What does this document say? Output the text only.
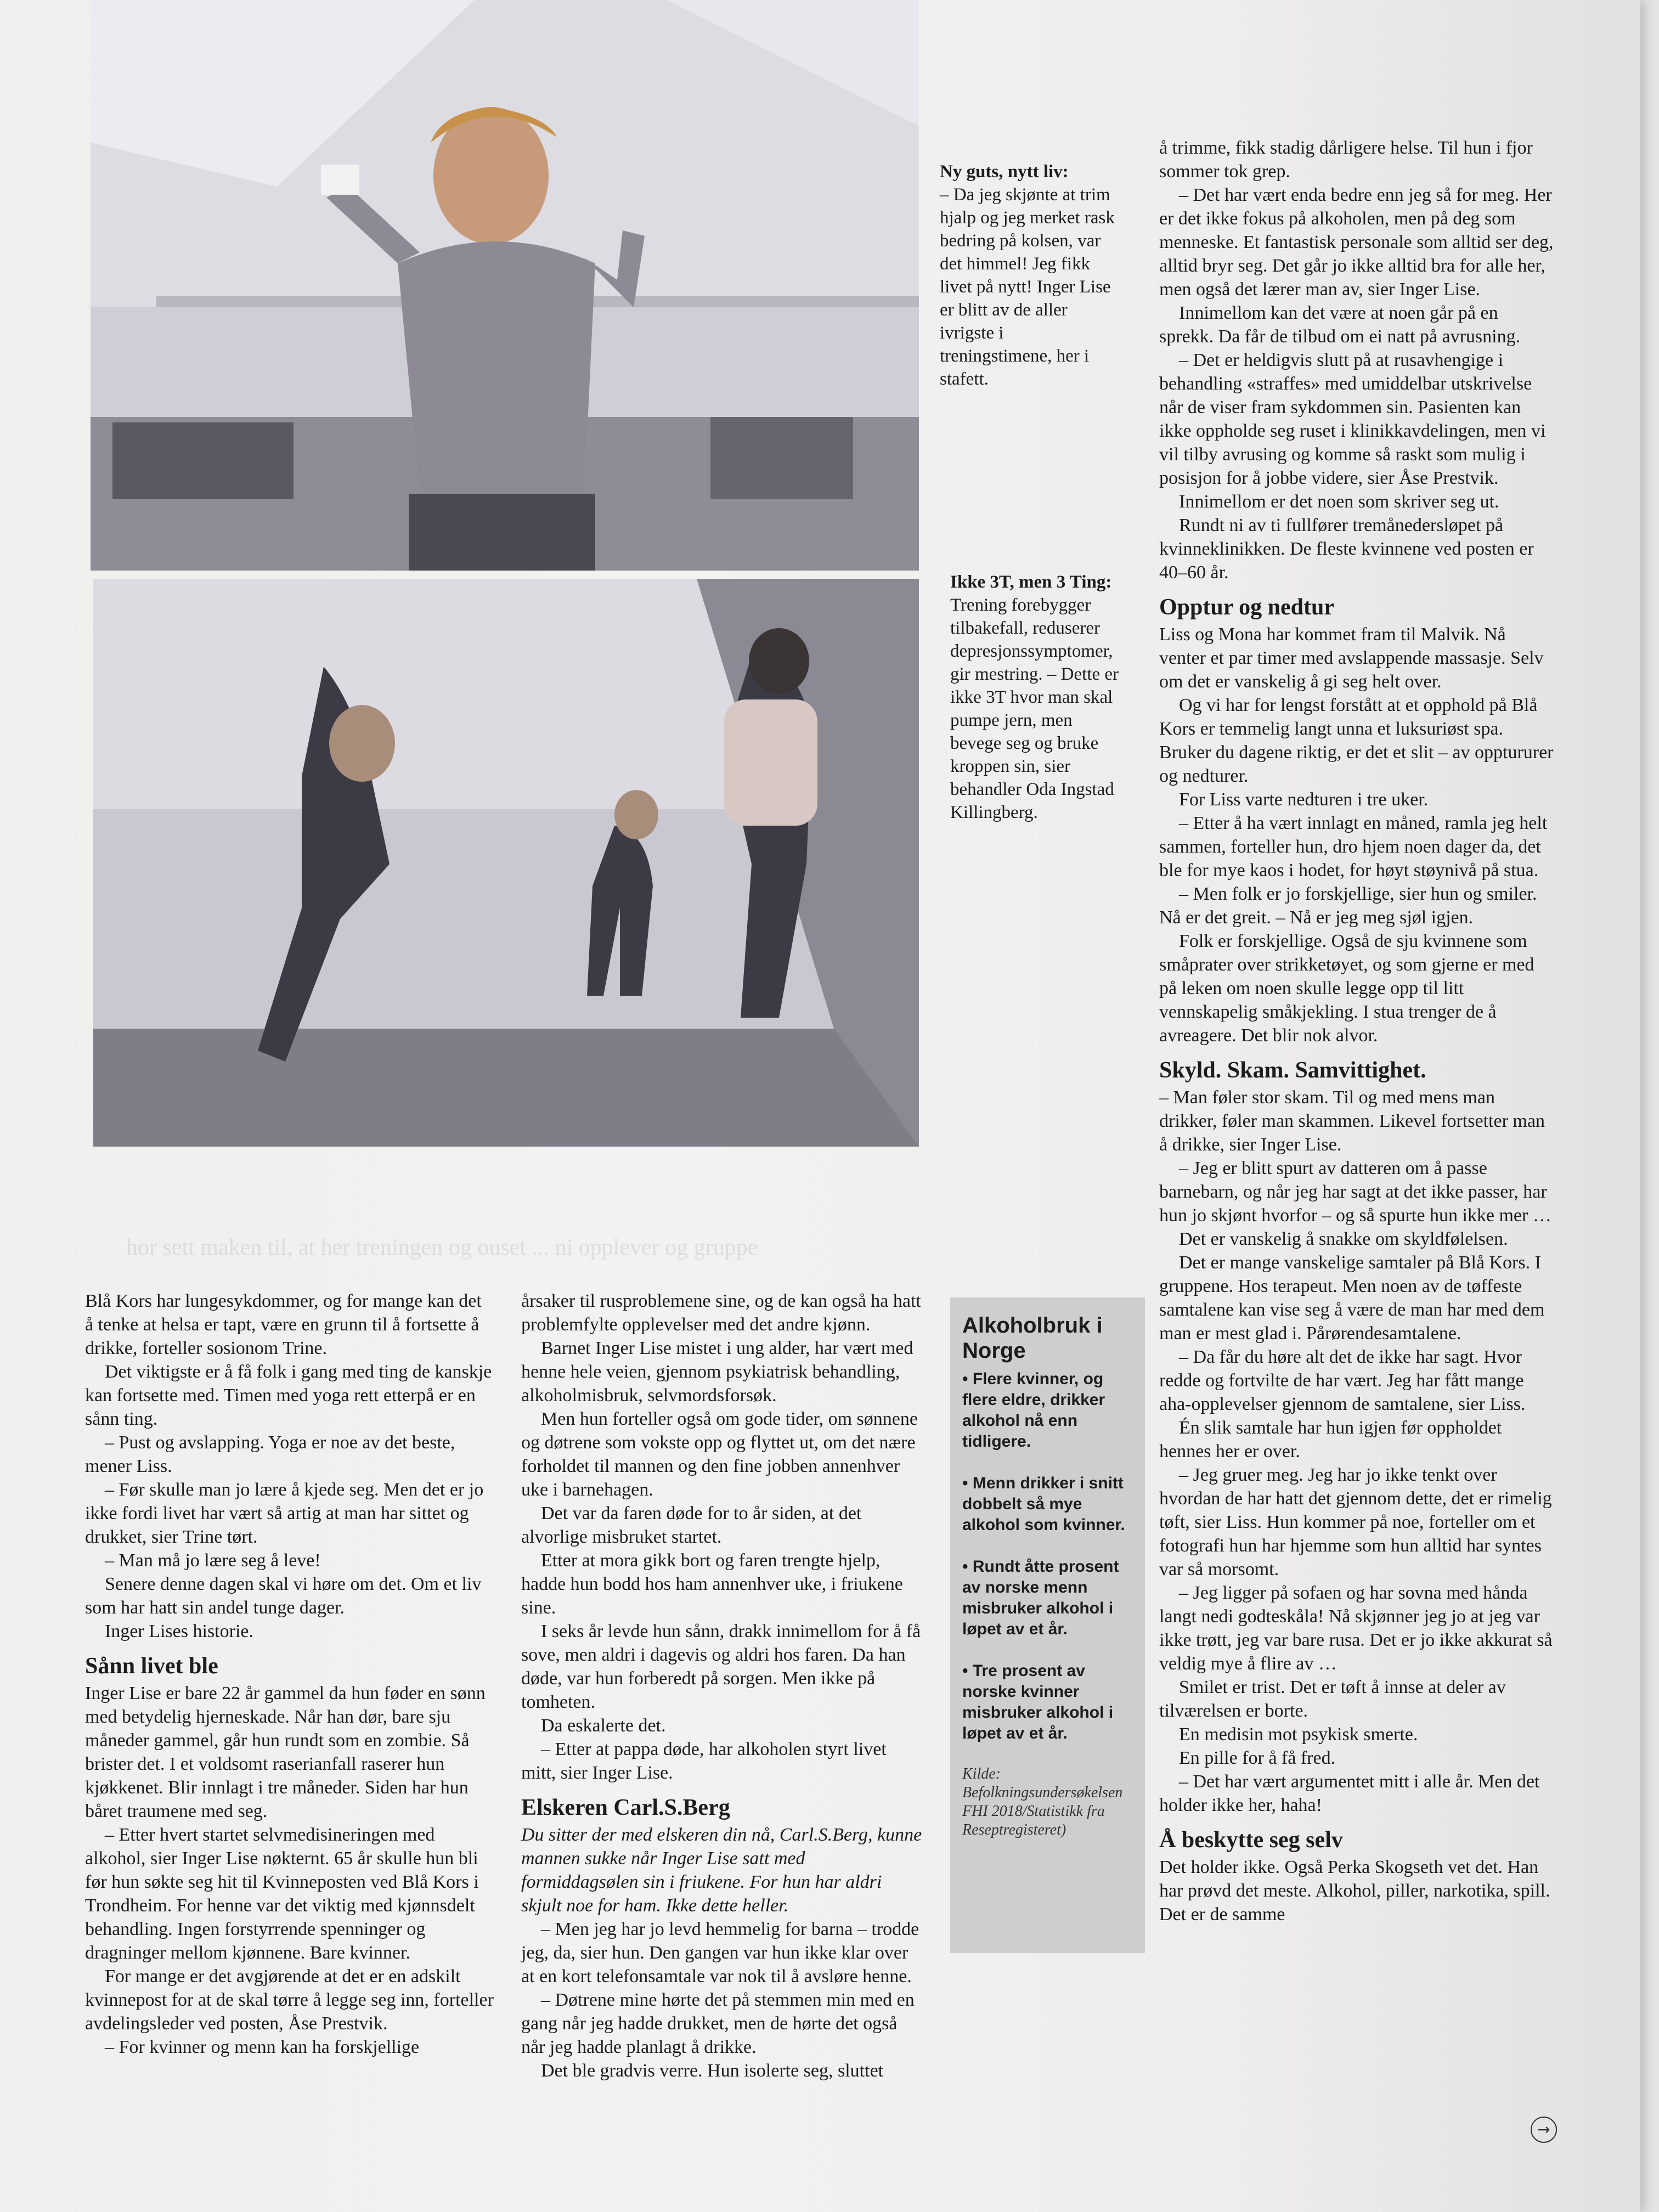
Ny guts, nytt liv:
– Da jeg skjønte at trim hjalp og jeg merket rask bedring på kolsen, var det himmel! Jeg fikk livet på nytt! Inger Lise er blitt av de aller ivrigste i treningstimene, her i stafett.
Ikke 3T, men 3 Ting: Trening forebygger tilbakefall, reduserer depresjonssymptomer, gir mestring. – Dette er ikke 3T hvor man skal pumpe jern, men bevege seg og bruke kroppen sin, sier behandler Oda Ingstad Killingberg.

å trimme, fikk stadig dårligere helse. Til hun i fjor sommer tok grep.

– Det har vært enda bedre enn jeg så for meg. Her er det ikke fokus på alkoholen, men på deg som menneske. Et fantastisk personale som alltid ser deg, alltid bryr seg. Det går jo ikke alltid bra for alle her, men også det lærer man av, sier Inger Lise.

Innimellom kan det være at noen går på en sprekk. Da får de tilbud om ei natt på avrusning.

– Det er heldigvis slutt på at rusavhengige i behandling «straffes» med umiddelbar utskrivelse når de viser fram sykdommen sin. Pasienten kan ikke oppholde seg ruset i klinikkavdelingen, men vi vil tilby avrusing og komme så raskt som mulig i posisjon for å jobbe videre, sier Åse Prestvik.

Innimellom er det noen som skriver seg ut.

Rundt ni av ti fullfører tremånedersløpet på kvinneklinikken. De fleste kvinnene ved posten er 40–60 år.

Opptur og nedtur

Liss og Mona har kommet fram til Malvik. Nå venter et par timer med avslappende massasje. Selv om det er vanskelig å gi seg helt over.

Og vi har for lengst forstått at et opphold på Blå Kors er temmelig langt unna et luksuriøst spa. Bruker du dagene riktig, er det et slit – av opptururer og nedturer.

For Liss varte nedturen i tre uker.

– Etter å ha vært innlagt en måned, ramla jeg helt sammen, forteller hun, dro hjem noen dager da, det ble for mye kaos i hodet, for høyt støynivå på stua.

– Men folk er jo forskjellige, sier hun og smiler. Nå er det greit. – Nå er jeg meg sjøl igjen.

Folk er forskjellige. Også de sju kvinnene som småprater over strikketøyet, og som gjerne er med på leken om noen skulle legge opp til litt vennskapelig småkjekling. I stua trenger de å avreagere. Det blir nok alvor.

Skyld. Skam. Samvittighet.

– Man føler stor skam. Til og med mens man drikker, føler man skammen. Likevel fortsetter man å drikke, sier Inger Lise.

– Jeg er blitt spurt av datteren om å passe barnebarn, og når jeg har sagt at det ikke passer, har hun jo skjønt hvorfor – og så spurte hun ikke mer …

Det er vanskelig å snakke om skyldfølelsen.

Det er mange vanskelige samtaler på Blå Kors. I gruppene. Hos terapeut. Men noen av de tøffeste samtalene kan vise seg å være de man har med dem man er mest glad i. Pårørendesamtalene.

– Da får du høre alt det de ikke har sagt. Hvor redde og fortvilte de har vært. Jeg har fått mange aha-opplevelser gjennom de samtalene, sier Liss.

Én slik samtale har hun igjen før oppholdet hennes her er over.

– Jeg gruer meg. Jeg har jo ikke tenkt over hvordan de har hatt det gjennom dette, det er rimelig tøft, sier Liss. Hun kommer på noe, forteller om et fotografi hun har hjemme som hun alltid har syntes var så morsomt.

– Jeg ligger på sofaen og har sovna med hånda langt nedi godteskåla! Nå skjønner jeg jo at jeg var ikke trøtt, jeg var bare rusa. Det er jo ikke akkurat så veldig mye å flire av …

Smilet er trist. Det er tøft å innse at deler av tilværelsen er borte.

En medisin mot psykisk smerte.

En pille for å få fred.

– Det har vært argumentet mitt i alle år. Men det holder ikke her, haha!

Å beskytte seg selv

Det holder ikke. Også Perka Skogseth vet det. Han har prøvd det meste. Alkohol, piller, narkotika, spill. Det er de samme

hor sett maken til, at her treningen og ouset ... ni opplever og gruppe

Blå Kors har lungesykdommer, og for mange kan det å tenke at helsa er tapt, være en grunn til å fortsette å drikke, forteller sosionom Trine.

Det viktigste er å få folk i gang med ting de kanskje kan fortsette med. Timen med yoga rett etterpå er en sånn ting.

– Pust og avslapping. Yoga er noe av det beste, mener Liss.

– Før skulle man jo lære å kjede seg. Men det er jo ikke fordi livet har vært så artig at man har sittet og drukket, sier Trine tørt.

– Man må jo lære seg å leve!

Senere denne dagen skal vi høre om det. Om et liv som har hatt sin andel tunge dager.

Inger Lises historie.

Sånn livet ble

Inger Lise er bare 22 år gammel da hun føder en sønn med betydelig hjerneskade. Når han dør, bare sju måneder gammel, går hun rundt som en zombie. Så brister det. I et voldsomt raserianfall raserer hun kjøkkenet. Blir innlagt i tre måneder. Siden har hun båret traumene med seg.

– Etter hvert startet selvmedisineringen med alkohol, sier Inger Lise nøkternt. 65 år skulle hun bli før hun søkte seg hit til Kvinneposten ved Blå Kors i Trondheim. For henne var det viktig med kjønnsdelt behandling. Ingen forstyrrende spenninger og dragninger mellom kjønnene. Bare kvinner.

For mange er det avgjørende at det er en adskilt kvinnepost for at de skal tørre å legge seg inn, forteller avdelingsleder ved posten, Åse Prestvik.

– For kvinner og menn kan ha forskjellige

årsaker til rusproblemene sine, og de kan også ha hatt problemfylte opplevelser med det andre kjønn.

Barnet Inger Lise mistet i ung alder, har vært med henne hele veien, gjennom psykiatrisk behandling, alkoholmisbruk, selvmordsforsøk.

Men hun forteller også om gode tider, om sønnene og døtrene som vokste opp og flyttet ut, om det nære forholdet til mannen og den fine jobben annenhver uke i barnehagen.

Det var da faren døde for to år siden, at det alvorlige misbruket startet.

Etter at mora gikk bort og faren trengte hjelp, hadde hun bodd hos ham annenhver uke, i friukene sine.

I seks år levde hun sånn, drakk innimellom for å få sove, men aldri i dagevis og aldri hos faren. Da han døde, var hun forberedt på sorgen. Men ikke på tomheten.

Da eskalerte det.

– Etter at pappa døde, har alkoholen styrt livet mitt, sier Inger Lise.

Elskeren Carl.S.Berg

Du sitter der med elskeren din nå, Carl.S.Berg, kunne mannen sukke når Inger Lise satt med formiddagsølen sin i friukene. For hun har aldri skjult noe for ham. Ikke dette heller.

– Men jeg har jo levd hemmelig for barna – trodde jeg, da, sier hun. Den gangen var hun ikke klar over at en kort telefonsamtale var nok til å avsløre henne.

– Døtrene mine hørte det på stemmen min med en gang når jeg hadde drukket, men de hørte det også når jeg hadde planlagt å drikke.

Det ble gradvis verre. Hun isolerte seg, sluttet

Alkoholbruk i Norge
• Flere kvinner, og flere eldre, drikker alkohol nå enn tidligere.
• Menn drikker i snitt dobbelt så mye alkohol som kvinner.
• Rundt åtte prosent av norske menn misbruker alkohol i løpet av et år.
• Tre prosent av norske kvinner misbruker alkohol i løpet av et år.
Kilde: Befolkningsundersøkelsen FHI 2018/Statistikk fra Reseptregisteret)
→
